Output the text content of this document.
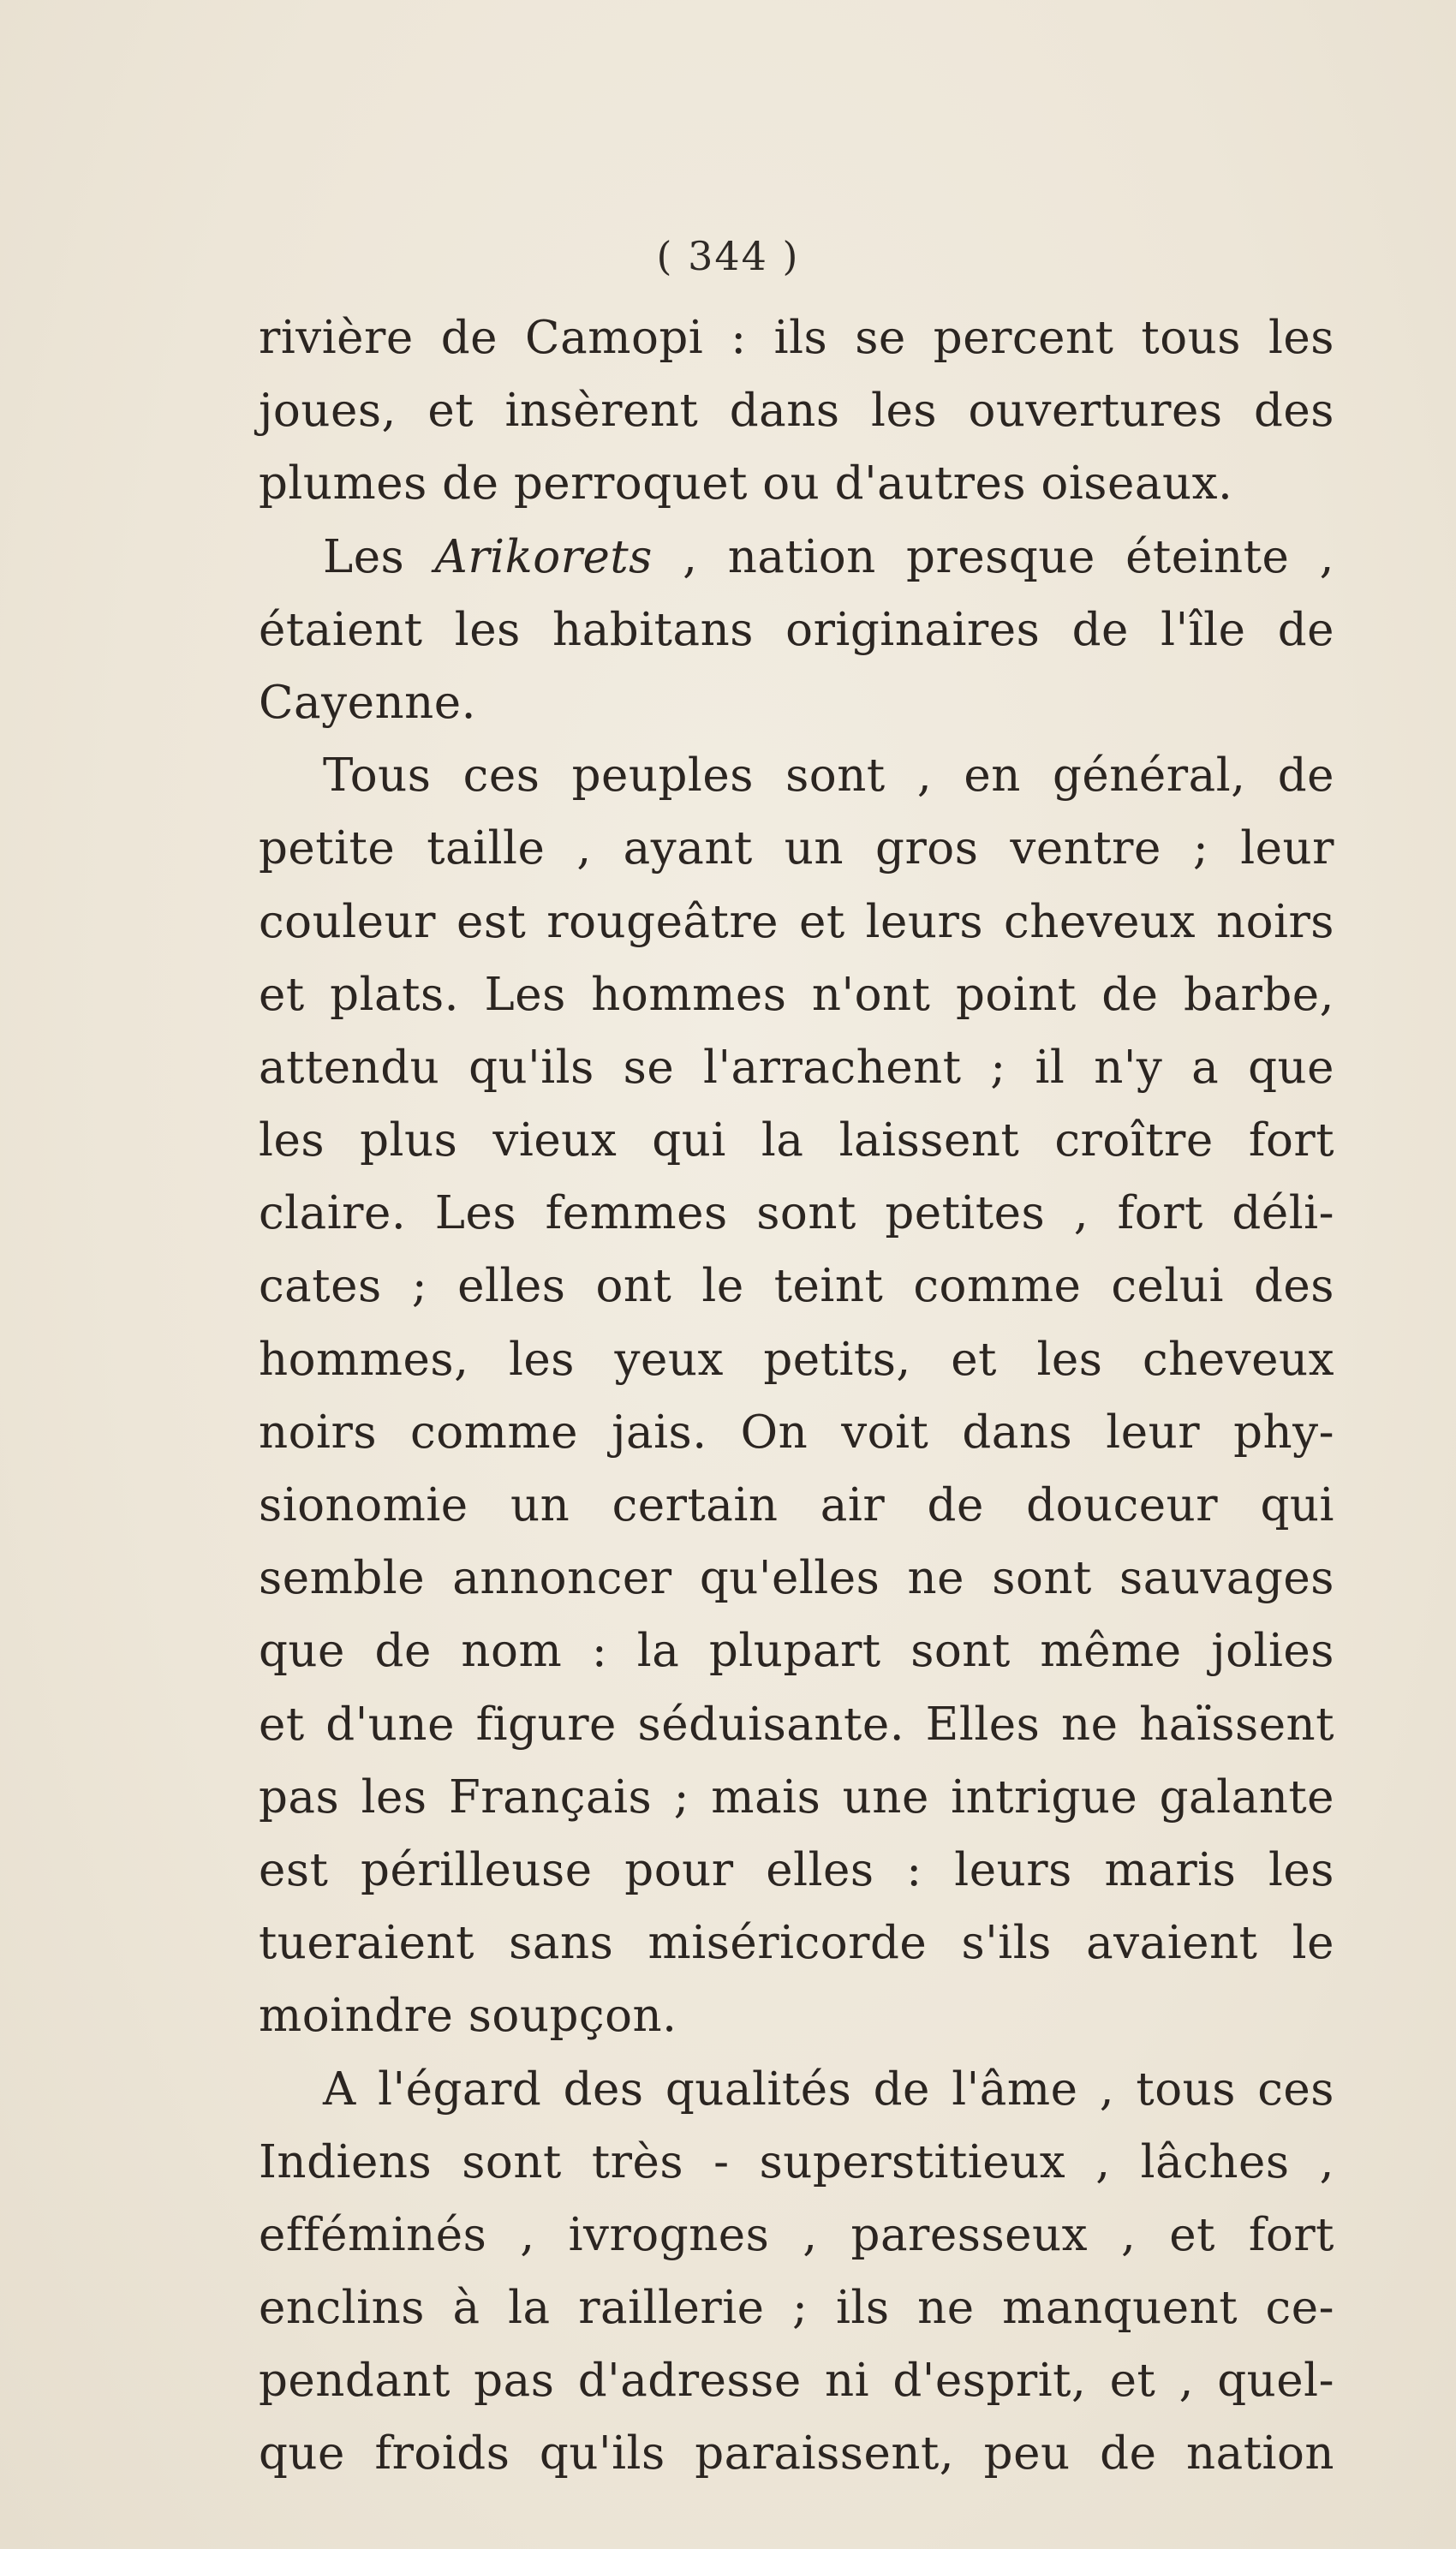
( 344 )
rivière de Camopi : ils se percent tous les
joues, et insèrent dans les ouvertures des
plumes de perroquet ou d'autres oiseaux.
Les Arikorets , nation presque éteinte ,
étaient les habitans originaires de l'île de
Cayenne.
Tous ces peuples sont , en général, de
petite taille , ayant un gros ventre ; leur
couleur est rougeâtre et leurs cheveux noirs
et plats. Les hommes n'ont point de barbe,
attendu qu'ils se l'arrachent ; il n'y a que
les plus vieux qui la laissent croître fort
claire. Les femmes sont petites , fort déli-
cates ; elles ont le teint comme celui des
hommes, les yeux petits, et les cheveux
noirs comme jais. On voit dans leur phy-
sionomie un certain air de douceur qui
semble annoncer qu'elles ne sont sauvages
que de nom : la plupart sont même jolies
et d'une figure séduisante. Elles ne haïssent
pas les Français ; mais une intrigue galante
est périlleuse pour elles : leurs maris les
tueraient sans miséricorde s'ils avaient le
moindre soupçon.
A l'égard des qualités de l'âme , tous ces
Indiens sont très - superstitieux , lâches ,
efféminés , ivrognes , paresseux , et fort
enclins à la raillerie ; ils ne manquent ce-
pendant pas d'adresse ni d'esprit, et , quel-
que froids qu'ils paraissent, peu de nation
